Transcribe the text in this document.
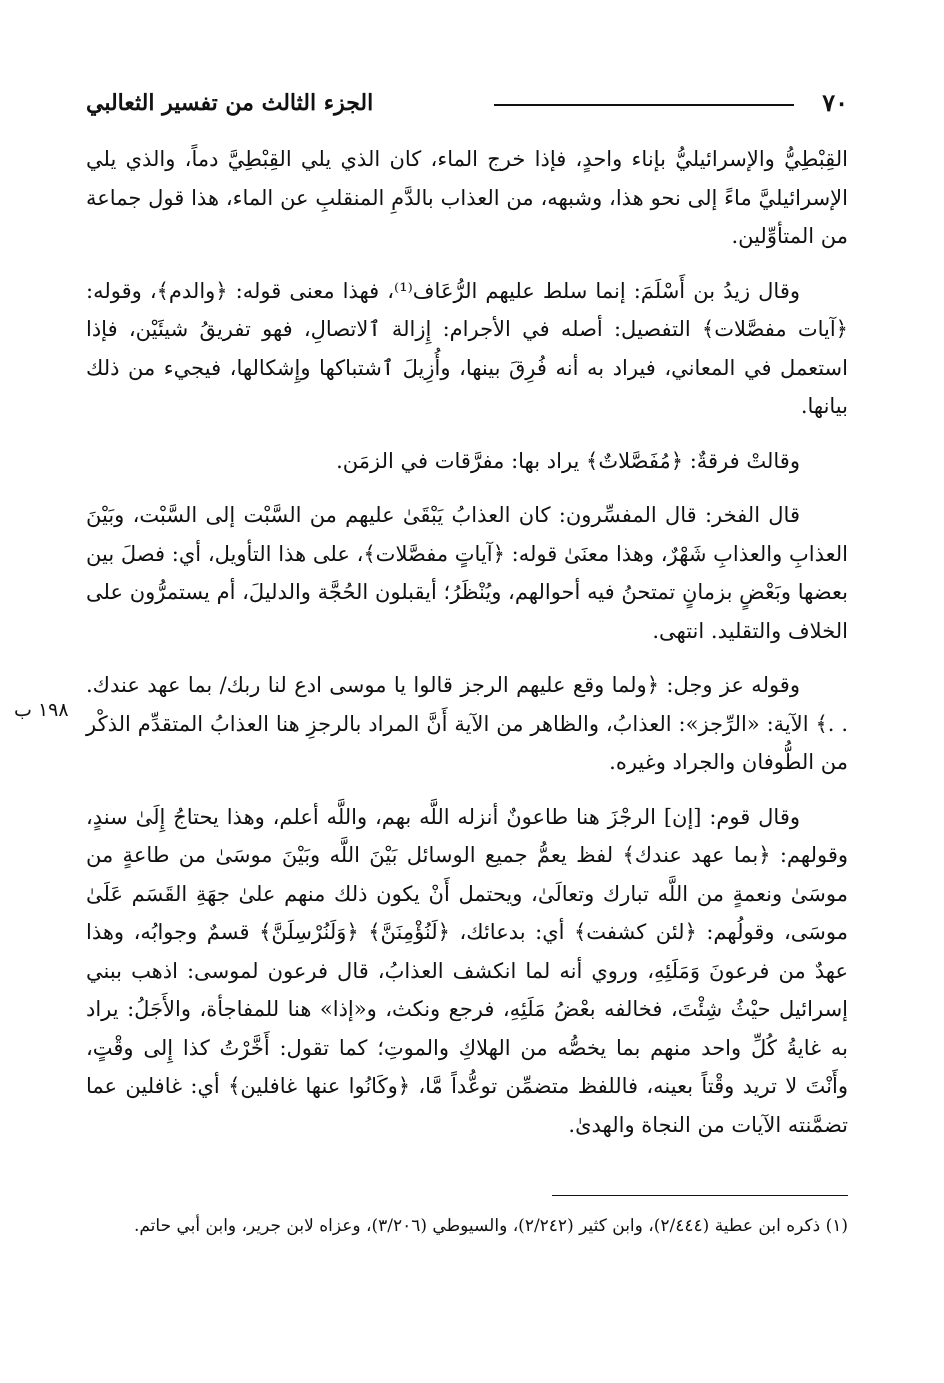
٧٠
الجزء الثالث من تفسير الثعالبي
١٩٨ ب

القِبْطِيُّ والإسرائيليُّ بإناء واحدٍ، فإذا خرج الماء، كان الذي يلي القِبْطِيَّ دماً، والذي يلي الإسرائيليَّ ماءً إلى نحو هذا، وشبهه، من العذاب بالدَّمِ المنقلبِ عن الماء، هذا قول جماعة من المتأوِّلين.

وقال زيدُ بن أَسْلَمَ: إنما سلط عليهم الرُّعَاف⁽¹⁾، فهذا معنى قوله: ﴿والدم﴾، وقوله: ﴿آيات مفصَّلات﴾ التفصيل: أصله في الأجرام: إِزالة ٱلاتصالِ، فهو تفريقُ شيئَيْن، فإذا استعمل في المعاني، فيراد به أنه فُرِقَ بينها، وأُزِيلَ ٱشتباكها وإِشكالها، فيجيء من ذلك بيانها.

وقالتْ فرقةٌ: ﴿مُفَصَّلاتٌ﴾ يراد بها: مفرَّقات في الزمَن.

قال الفخر: قال المفسِّرون: كان العذابُ يَبْقَىٰ عليهم من السَّبْت إلى السَّبْت، وبَيْنَ العذابِ والعذابِ شَهْرٌ، وهذا معنَىٰ قوله: ﴿آياتٍ مفصَّلات﴾، على هذا التأويل، أي: فصلَ بين بعضها وبَعْضٍ بزمانٍ تمتحنُ فيه أحوالهم، ويُنْظَرُ؛ أيقبلون الحُجَّة والدليلَ، أم يستمرُّون على الخلاف والتقليد. انتهى.

وقوله عز وجل: ﴿ولما وقع عليهم الرجز قالوا يا موسى ادع لنا ربك/ بما عهد عندك. . .﴾ الآية: «الرِّجز»: العذابُ، والظاهر من الآية أَنَّ المراد بالرجزِ هنا العذابُ المتقدِّم الذكْر من الطُّوفان والجراد وغيره.

وقال قوم: [إن] الرجْزَ هنا طاعونٌ أنزله اللَّه بهم، واللَّه أعلم، وهذا يحتاجُ إِلَىٰ سندٍ، وقولهم: ﴿بما عهد عندك﴾ لفظ يعمُّ جميع الوسائل بَيْنَ اللَّه وبَيْنَ موسَىٰ من طاعةٍ من موسَىٰ ونعمةٍ من اللَّه تبارك وتعالَىٰ، ويحتمل أَنْ يكون ذلك منهم علىٰ جهَةِ القَسَم عَلَىٰ موسَى، وقولُهم: ﴿لئن كشفت﴾ أي: بدعائك، ﴿لَنُؤْمِنَنَّ﴾ ﴿وَلَنُرْسِلَنَّ﴾ قسمٌ وجوابُه، وهذا عهدٌ من فرعونَ وَمَلَئِهِ، وروي أنه لما انكشف العذابُ، قال فرعون لموسى: اذهب ببني إسرائيل حيْثُ شِئْتَ، فخالفه بعْضُ مَلَئِهِ، فرجع ونكث، و«إذا» هنا للمفاجأة، والأَجَلُ: يراد به غايةُ كُلِّ واحد منهم بما يخصُّه من الهلاكِ والموتِ؛ كما تقول: أَخَّرْتُ كذا إِلى وقْتٍ، وأَنْتَ لا تريد وقْتاً بعينه، فاللفظ متضمِّن توعُّداً مَّا، ﴿وكَانُوا عنها غافلين﴾ أي: غافلين عما تضمَّنته الآيات من النجاة والهدىٰ.

(١) ذكره ابن عطية (٢/٤٤٤)، وابن كثير (٢/٢٤٢)، والسيوطي (٣/٢٠٦)، وعزاه لابن جرير، وابن أبي حاتم.
